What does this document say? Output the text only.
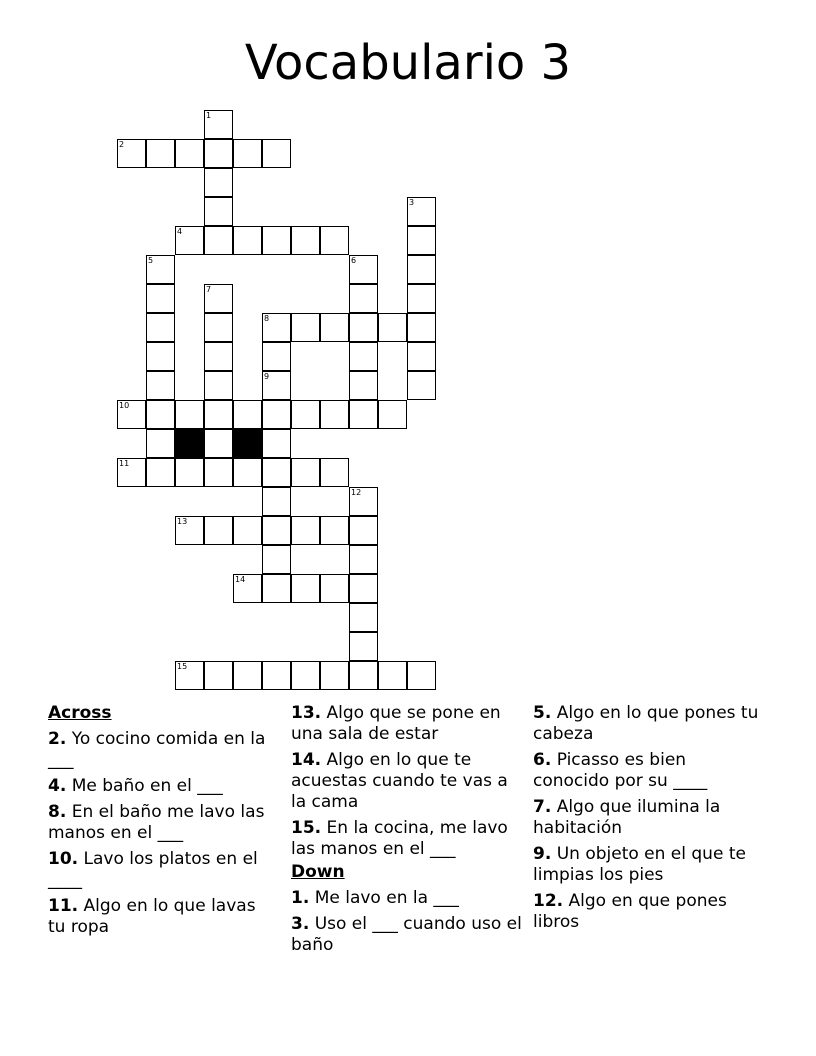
Vocabulario 3
1
2
3
4
5	6
7
8
9
10
11
12
13
14
15
Across
2. Yo cocino comida en la ___
4. Me baño en el ___
8. En el baño me lavo las manos en el ___
10. Lavo los platos en el ____
11. Algo en lo que lavas tu ropa
13. Algo que se pone en una sala de estar
14. Algo en lo que te acuestas cuando te vas a la cama
15. En la cocina, me lavo las manos en el ___
Down
1. Me lavo en la ___
3. Uso el ___ cuando uso el baño
5. Algo en lo que pones tu cabeza
6. Picasso es bien conocido por su ____
7. Algo que ilumina la habitación
9. Un objeto en el que te limpias los pies
12. Algo en que pones libros
